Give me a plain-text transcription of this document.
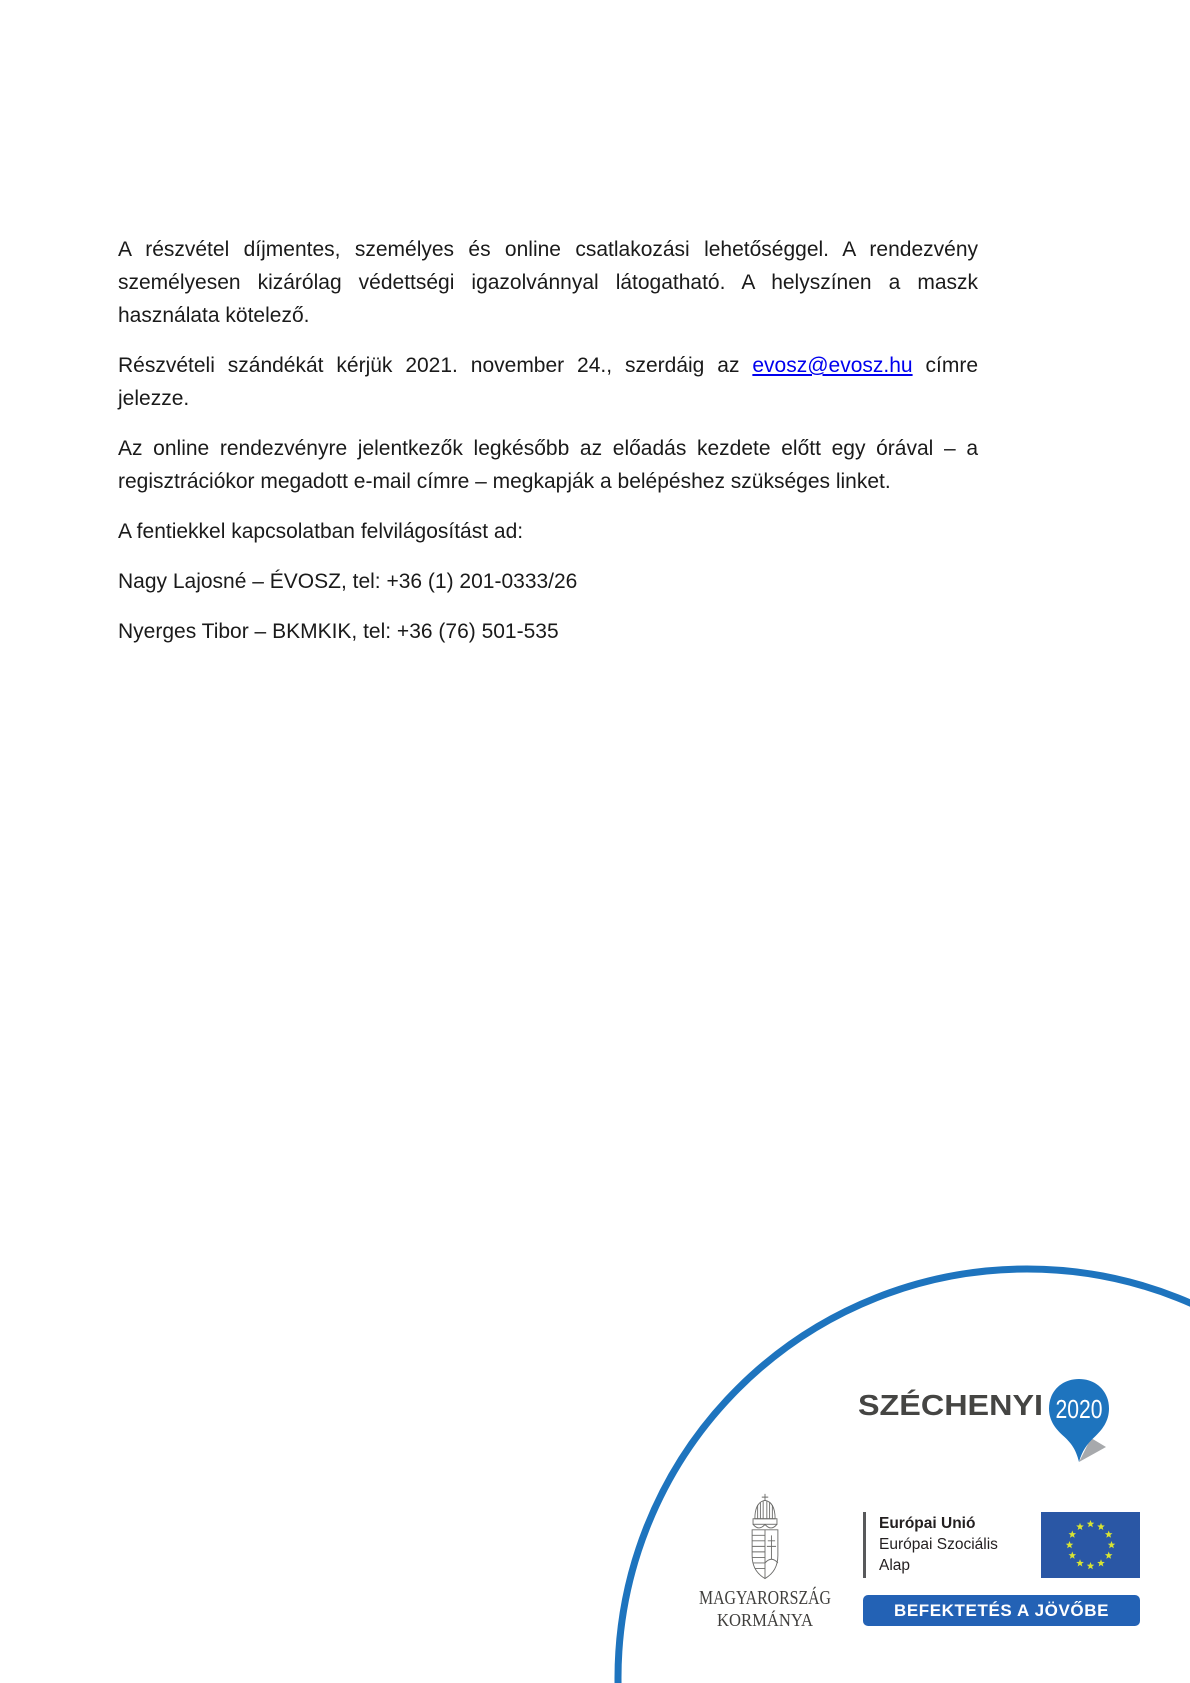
A részvétel díjmentes, személyes és online csatlakozási lehetőséggel. A rendezvény személyesen kizárólag védettségi igazolvánnyal látogatható. A helyszínen a maszk használata kötelező.

Részvételi szándékát kérjük 2021. november 24., szerdáig az evosz@evosz.hu címre jelezze.

Az online rendezvényre jelentkezők legkésőbb az előadás kezdete előtt egy órával – a regisztrációkor megadott e-mail címre – megkapják a belépéshez szükséges linket.

A fentiekkel kapcsolatban felvilágosítást ad:

Nagy Lajosné – ÉVOSZ, tel: +36 (1) 201-0333/26

Nyerges Tibor – BKMKIK, tel: +36 (76) 501-535

SZÉCHENYI	2020
MAGYARORSZÁG
KORMÁNYA
Európai Unió
Európai Szociális
Alap
BEFEKTETÉS A JÖVŐBE
